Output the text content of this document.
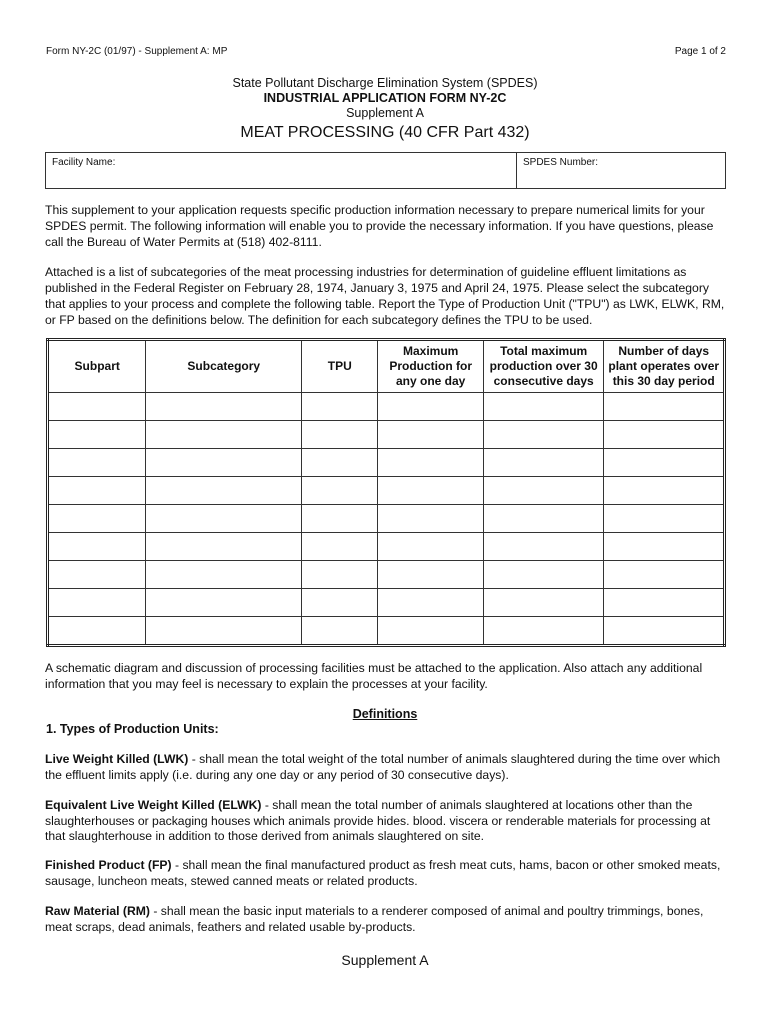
Form NY-2C (01/97) - Supplement A: MP	Page 1 of 2
State Pollutant Discharge Elimination System (SPDES)
INDUSTRIAL APPLICATION FORM NY-2C
Supplement A
MEAT PROCESSING (40 CFR Part 432)
Facility Name:	SPDES Number:
This supplement to your application requests specific production information necessary to prepare numerical limits for your SPDES permit. The following information will enable you to provide the necessary information. If you have questions, please call the Bureau of Water Permits at (518) 402-8111.
Attached is a list of subcategories of the meat processing industries for determination of guideline effluent limitations as published in the Federal Register on February 28, 1974, January 3, 1975 and April 24, 1975. Please select the subcategory that applies to your process and complete the following table. Report the Type of Production Unit ("TPU") as LWK, ELWK, RM, or FP based on the definitions below. The definition for each subcategory defines the TPU to be used.
Subpart	Subcategory	TPU	Maximum Production for any one day	Total maximum production over 30 consecutive days	Number of days plant operates over this 30 day period

A schematic diagram and discussion of processing facilities must be attached to the application. Also attach any additional information that you may feel is necessary to explain the processes at your facility.
Definitions
1. Types of Production Units:
Live Weight Killed (LWK) - shall mean the total weight of the total number of animals slaughtered during the time over which the effluent limits apply (i.e. during any one day or any period of 30 consecutive days).
Equivalent Live Weight Killed (ELWK) - shall mean the total number of animals slaughtered at locations other than the slaughterhouses or packaging houses which animals provide hides. blood. viscera or renderable materials for processing at that slaughterhouse in addition to those derived from animals slaughtered on site.
Finished Product (FP) - shall mean the final manufactured product as fresh meat cuts, hams, bacon or other smoked meats, sausage, luncheon meats, stewed canned meats or related products.
Raw Material (RM) - shall mean the basic input materials to a renderer composed of animal and poultry trimmings, bones, meat scraps, dead animals, feathers and related usable by-products.
Supplement A
